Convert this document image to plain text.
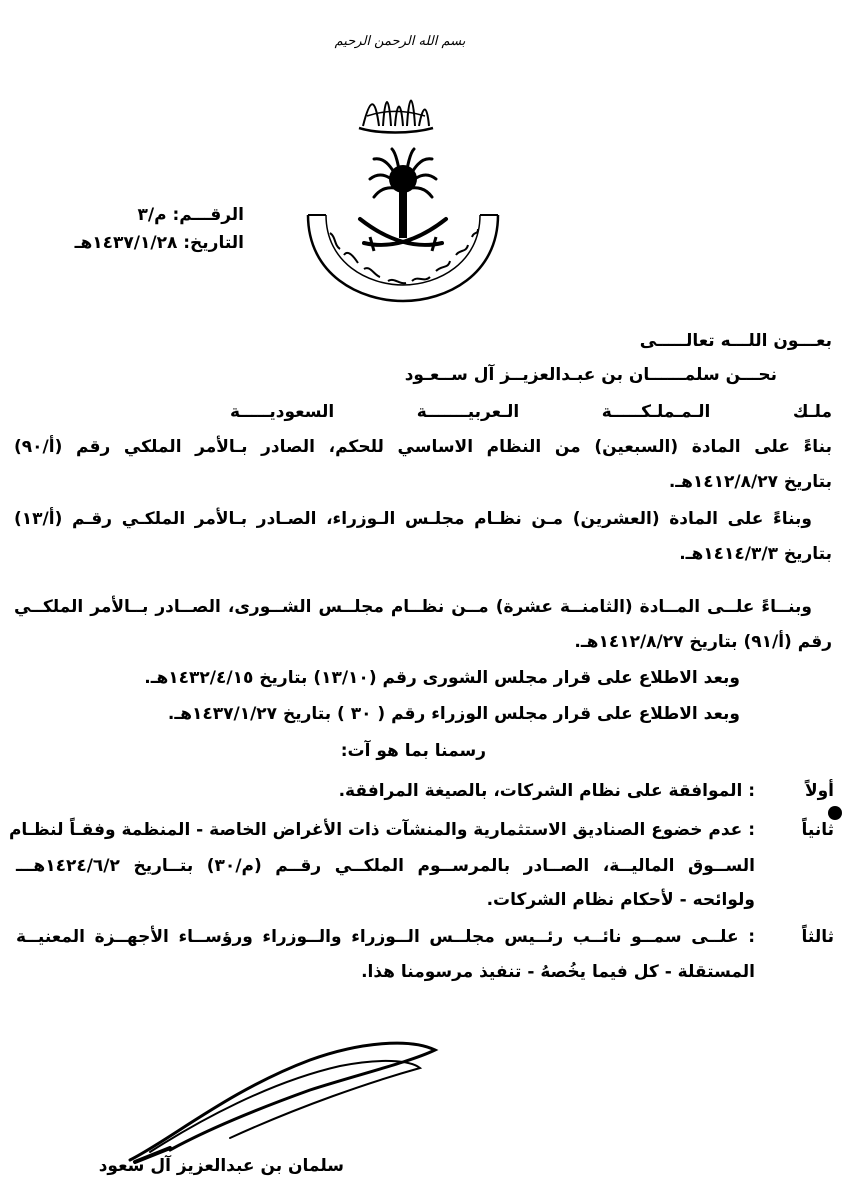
بسم الله الرحمن الرحيم
الرقـــم: م/٣
التاريخ: ١٤٣٧/١/٢٨هـ
بعـــون اللـــه تعالـــــى
نحـــن سلمــــــان بن عبـدالعزيــز آل ســعـود
ملـك الـمـملـكـــــة الـعربيـــــــة السعوديـــــة
بناءً على المادة (السبعين) من النظام الاساسي للحكم، الصادر بـالأمر الملكي رقم (أ/٩٠)
بتاريخ ١٤١٢/٨/٢٧هـ.
وبناءً على المادة (العشرين) مـن نظـام مجلـس الـوزراء، الصـادر بـالأمر الملكـي رقـم (أ/١٣)
بتاريخ ١٤١٤/٣/٣هـ.
وبنــاءً علــى المــادة (الثامنــة عشرة) مــن نظــام مجلــس الشــورى، الصــادر بــالأمر الملكــي
رقم (أ/٩١) بتاريخ ١٤١٢/٨/٢٧هـ.
وبعد الاطلاع على قرار مجلس الشورى رقم (١٣/١٠) بتاريخ ١٤٣٢/٤/١٥هـ.
وبعد الاطلاع على قرار مجلس الوزراء رقم ( ٣٠ ) بتاريخ ١٤٣٧/١/٢٧هـ.
رسمنا بما هو آت:
أولاً
: الموافقة على نظام الشركات، بالصيغة المرافقة.
ثانياً
: عدم خضوع الصناديق الاستثمارية والمنشآت ذات الأغراض الخاصة - المنظمة وفقـاً لنظـام
الســوق الماليــة، الصــادر بالمرســوم الملكــي رقــم (م/٣٠) بتــاريخ ١٤٢٤/٦/٢هـــ
ولوائحه - لأحكام نظام الشركات.
ثالثاً
: علــى سمــو نائــب رئــيس مجلــس الــوزراء والــوزراء ورؤســاء الأجهــزة المعنيــة
المستقلة - كل فيما يخُصهُ - تنفيذ مرسومنا هذا.
سلمان بن عبدالعزيز آل سعود
